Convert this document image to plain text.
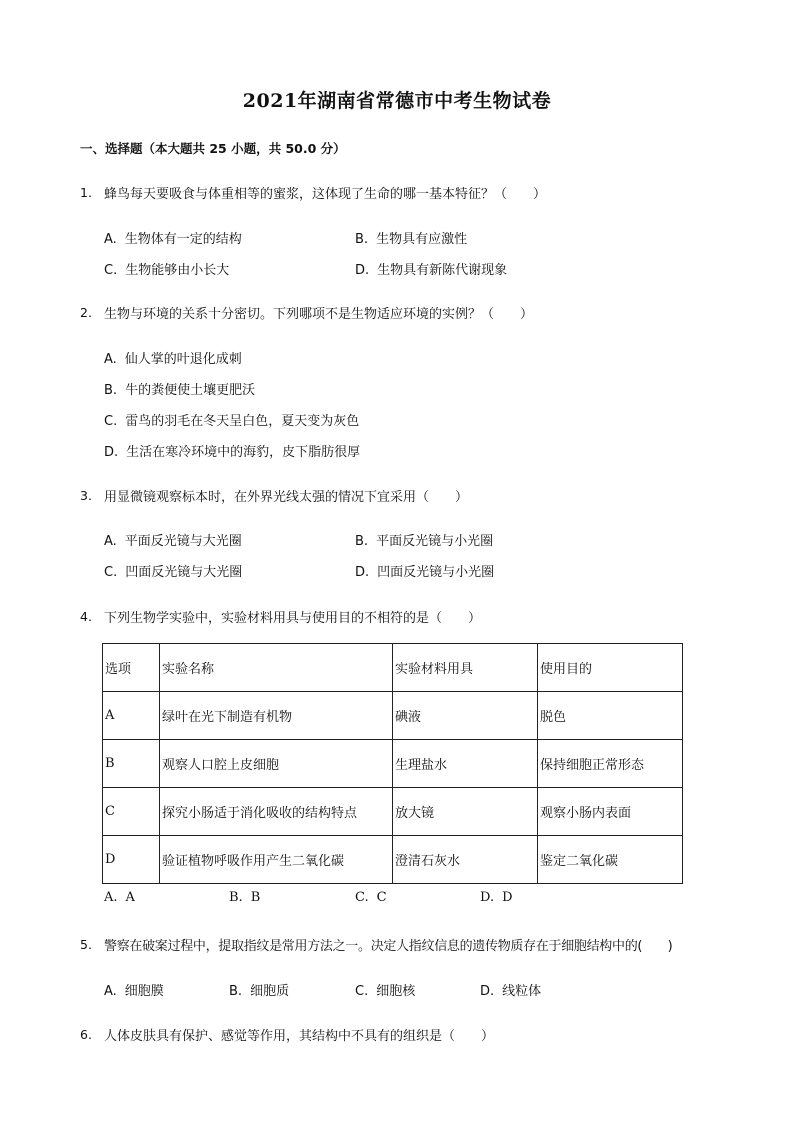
2021年湖南省常德市中考生物试卷
一、选择题（本大题共 25 小题，共 50.0 分）
1. 蜂鸟每天要吸食与体重相等的蜜浆，这体现了生命的哪一基本特征？（　　）
A. 生物体有一定的结构	B. 生物具有应激性
C. 生物能够由小长大	D. 生物具有新陈代谢现象
2. 生物与环境的关系十分密切。下列哪项不是生物适应环境的实例？（　　）
A. 仙人掌的叶退化成刺
B. 牛的粪便使土壤更肥沃
C. 雷鸟的羽毛在冬天呈白色，夏天变为灰色
D. 生活在寒冷环境中的海豹，皮下脂肪很厚
3. 用显微镜观察标本时，在外界光线太强的情况下宜采用（　　）
A. 平面反光镜与大光圈	B. 平面反光镜与小光圈
C. 凹面反光镜与大光圈	D. 凹面反光镜与小光圈
4. 下列生物学实验中，实验材料用具与使用目的不相符的是（　　）
选项	实验名称	实验材料用具	使用目的
A	绿叶在光下制造有机物	碘液	脱色
B	观察人口腔上皮细胞	生理盐水	保持细胞正常形态
C	探究小肠适于消化吸收的结构特点	放大镜	观察小肠内表面
D	验证植物呼吸作用产生二氧化碳	澄清石灰水	鉴定二氧化碳
A. A	B. B	C. C	D. D
5. 警察在破案过程中，提取指纹是常用方法之一。决定人指纹信息的遗传物质存在于细胞结构中的(　　)
A. 细胞膜	B. 细胞质	C. 细胞核	D. 线粒体
6. 人体皮肤具有保护、感觉等作用，其结构中不具有的组织是（　　）
